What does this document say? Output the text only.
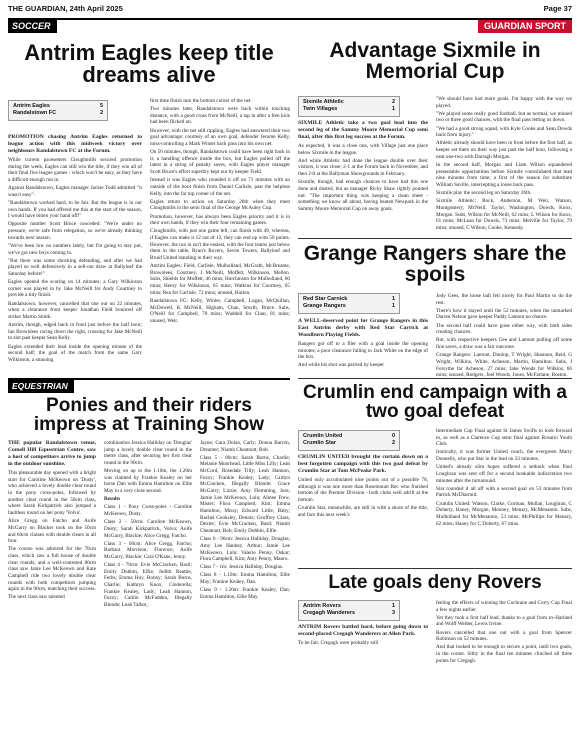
THE GUARDIAN, 24th April 2025	Page 37
SOCCER	GUARDIAN SPORT
Antrim Eagles keep title dreams alive
Antrim Eagles	5
Randalstown FC	2

PROMOTION chasing Antrim Eagles returned to league action with this midweek victory over neighbours Randalstown FC at the Forum.

While current pacesetters Cloughmills secured promotion during the week, Eagles can still win the title, if they win all of their final five league games - which won't be easy, as they have a difficult enough run in.

Against Randalstown, Eagles manager Jackie Todd admitted "it wasn't easy".

"Randalstown worked hard, to be fair. Bar the league is in our own hands. If you had offered me this at the start of the season, I would have bitten your hand off!"

Opposite number Scott Bruce conceded: "We're under no pressure, we're safe from relegation, so we're already thinking towards next season.

"We've been low on numbers lately, but I'm going to stay put, we've got new boys coming in.

"But there was some shocking defending, and after we had played so well defensively in a sell-out draw at Ballyloef the Saturday before!"

Eagles opened the scoring on 14 minutes; a Gary Wilkinson corner was played in by Jake McNeill for Andy Courtney to provide a tidy finish.

Randalstown, however, cancelled that one out on 22 minutes, when a clearance from keeper Jonathan Field bounced off striker Martin Smith.

Antrim, though, edged back in front just before the half hour; Ian Brownlees racing down the right, crossing for Jake McNeill to slot past keeper Sean Kelly.

Eagles extended their lead inside the opening minute of the second half; the goal of the match from the same Gary Wilkinson, a stunning

first time finish into the bottom corner of the net.

Two minutes later, Randalstown were back within touching distance, with a good cross from McNeill, a tap in after a free kick had been flicked on.

However, with the net still rippling, Eagles had answered their two goal advantage; courtesy of an own goal, defender Jerome Kelly, miss-controlling a Mark Winter back pass into his own net.

On 56 minutes, though, Randalstown could have been right back in it; a handling offence inside the box, but Eagles pulled off the latest in a string of penalty saves, with Eagles player manager Scott Bruce's effort superbly kept out by keeper Field.

Instead it was Eagles who rounded it off on 71 minutes with an outside of the boot finish from Daniel Carlisle, past the helpless Kelly, into the far top corner of the net.

Eagles return to action on Saturday 26th when they meet Cloughmills in the semi final of the George McAuley Cup.

Promotion, however, has always been Eagles priority and it is in their own hands, if they win their four remaining games.

Cloughmills, with just one game left, can finish with 49, whereas, if Eagles can make it 12 out of 12, they can end up with 50 points. However, the run in isn't the easiest, with the four teams just below them in the table, Ryan's Rovers, Seven Towers, Ballyloef and Bruid United standing in their way.

Antrim Eagles: Field, Carlisle, Mulholland, McGrath, McBreame, Brownlees, Courtney, J McNeill, Moffett, Wilkinson, Mellon. Subs, Shields for Moffett, 46 mins; Hutchinson for Mulholland, 60 mins; Henry for Wilkinson, 65 mins; Watkins for Courtney, 65 mins; Rea for Carlisle, 72 mins; unused, Harkin.

Randalstown FC: Kelly, Winter, Campbell, Logan, McQuillan, McDowell, K McNeill, Higham, Chan, Smyth, Bruce. Subs, O'Neill for Campbell, 70 mins; Waddell for Chan, 81 mins; unused, Weir.

Advantage Sixmile in Memorial Cup
Sixmile Athletic	2
Twin Villages	1

SIXMILE Athletic take a two goal lead into the second leg of the Sammy Moore Memorial Cup semi final, after this first leg success at the Forum.

As expected, it was a close one, with Village just one place below Sixmile in the league.

And while Athletic had done the league double over their visitors, it was close; 2-1 at the Forum back in November, and then 2-0 at the Ballyman Showgrounds in February.

Sixmile, though, had enough chances to have had this one done and dusted, but as manager Ricky Shaw rightly pointed out: "The important thing was keeping a clean sheet - something we know all about, having beaten Newpark in the Sammy Moore Memorial Cup on away goals.

"We should have had more goals. I'm happy with the way we played.

"We played some really good football, but as normal, we missed two or three good chances, with the final pass letting us down.

"We had a good strong squad, with Kyle Cooke and Sean Dowds back from injury."

Athletic already should have been in front before the first half, as keeper set them on their way just past the half hour, following a neat one-two with Darragh Morgan.

In the second half, Morgan and Liam Wilson squandered presentable opportunities before Sixmile consolidated that lead nine minutes from time; a first of the season for substitute William Saville, intercepting a loose back pass.

Sixmile play the second leg on Saturday 26th.

Sixmile Athletic: Rock, Anderson, M Weir, Watson, Montgomery, McNeill, Taylor, Washington, Dowds, Knox, Morgan. Subs, Wilson for McNeill, 62 mins; L Wilson for Knox, 61 mins; McLean for Dowds, 73 mins; Melville for Taylor, 79 mins; unused, C Wilson, Cooke, Kennedy.

Grange Rangers share the spoils
Red Star Carnick	1
Grange Rangers	1

A WELL-deserved point for Grange Rangers in this East Antrim derby with Red Star Carrick at Woodburn Playing Fields.

Rangers got off to a flier with a goal inside the opening minutes; a poor clearance falling to Jack White on the edge of the box.

And while his shot was parried by keeper

Jody Gees, the loose ball fell nicely for Paul Martin to do the rest.

There's how it stayed until the 52 minutes, when the unmarked Darren Nelson gave keeper Paddy Lamont no chance.

The second half could have gone either way, with both sides creating chances.

But, with respective keepers Gee and Lamont pulling off some fine saves, a draw was a fair outcome.

Grange Rangers: Lamont, Dunlop, T Wright, Shannon, Reid, G Wright, Wilkins, White, Acheson, Martin, Hamilton. Subs, J Forsythe for Acheson, 27 mins; Jake Woods for Wilkins, 66 mins; unused, Rodgers, Joel Woods, Jones, McFarlane, Boston.

EQUESTRIAN
Ponies and their riders impress at Training Show

THE popular Randalstown venue, Comell Hill Equestrian Centre, saw a host of competitors arrive to jump in the outdoor sunshine.

This pleasurable day opened with a bright start for Caroline McKeown on 'Dusty', who achieved a lovely double clear round in the pony cross-poles, followed by another clear round in the 50cm class, where Sarah Kirkpatrick also jumped a faultless round on her pony 'Volvo'.

Alice Gregg on Fatcho and Aoife McGarry on Blacker took on the 50cm and 60cm classes with double clears in all four.

The course was admired for the 70cm class, which saw a full house of double clear rounds, and a well-contested 80cm class saw Janie Lee McKeown and Kate Campbell ride two lovely double clear rounds with both competitors jumping again in the 90cm, matching their success.

The next class saw talented

combination Jessica Halliday on 'Douglas' jump a lovely double clear round in the metre class, after securing her first clear round in the 90cm.

Moving on up to the 1.10m, the 1.20m was claimed by Frankie Kealey on her horse Dan with Emma Hamilton on Ellie May in a very close second.

Results

Class 1 - Pony Cross-poles - Caroline McKeown, Dusty.

Class 2 - 50cm: Caroline McKeown, Dusty; Sarah Kirkpatrick, Volvo; Aoife McGarry, Blackie; Alice Gregg, Fatcho.

Class 3 - 60cm: Alice Gregg, Fatcho; Barbara Morrison, Florence; Aoife McGarry, Blackie; Cara O'Kane, Jenny.

Class 4 - 70cm: Evie McCracken, Basil; Emily Dobbin, Elfie; Judith Beattie, Ferbs; Emma Hoy, Bonny; Sarah Burns, Charlie; Kathryn Knox, Cinderella; Frankie Kealey, Lady; Leah Hannon, Fuzzy; Caitlin McFadden, Illegally Blonde; Leah Talbot,

Jayne; Cara Dolan, Carly; Donna Barron, Dreamer; Niamh Cheatnutt, Bob.

Class 5 - 80cm: Sarah Burns, Charlie; Melanie Moorhead, Little Miss Lilly; Leah McCord, Rosedale Tilly; Leah Hannon, Fuzzy; Frankie Kealey, Lady; Caitlyn McCracken, Illegally Blonde; Grace McGarry, Lizzie; Amy Flemming, Joss; Jamie Lee McKeown, Lulu; Aimee Frew, Mister; Flora Campbell, Kim; Emma Hamilton, Missy; Edward Little, Baby; Rachel Cooksley, Dennis; Geoffrey Glass, Dexter; Evie McCracken, Basil; Niamh Cheatnutt, Bob; Emily Dobbin, Elfie.

Class 6 - 90cm: Jessica Halliday, Douglas; Amy Lee Hanbey, Arthur; Jamie Lee McKeown, Lulu; Valerie Penny, Oskar; Flora Campbell, Kim; Amy Penny, Mauro.

Class 7 - 1m: Jessica Halliday, Douglas.

Class 8 - 1.10m: Emma Hamilton, Ellie May; Frankie Kealey, Dan.

Class 9 - 1.20m: Frankie Kealey, Dan; Emma Hamilton, Ellie May.

Crumlin end campaign with a two goal defeat
Crumlin United	0
Crumlin Star	2

CRUMLIN UNITED brought the curtain down on a best forgotten campaign with this two goal defeat by Crumlin Star at Tom McPeake Park.

United only accumulated nine points out of a possible 78, although it was one more than Rosemount Rec who finished bottom of the Premier Division - both clubs well adrift at the bottom.

Crumlin Star, meanwhile, are still in with a shout of the title, and face this next week's

Intermediate Cup Final against St James Swifts to look forward to, as well as a Clarence Cup semi final against Rosario Youth Club.

Ironically, it was former United coach, the evergreen Marty Donnelly, who put Star in the lead on 33 minutes.

United's already slim hopes suffered a setback when Paul Loughran was sent off for a second bookable indiscretion two minutes after the turnaround.

Star rounded it all off with a second goal on 53 minutes from Patrick McDiarmid.

Crumlin United: Watson, Clarke, Gorman, Mullan, Loughran, C Doherty, Haney, Morgan, Mooney, Menary, McMenamin. Subs, Mulholland for McMenamin, 53 mins; McPhillips for Menary, 62 mins; Haney for C Doherty, 67 mins.

Late goals deny Rovers
Antrim Rovers	1
Cregagh Wanderers	3

ANTRIM Rovers battled hard, before going down to second-placed Cregagh Wanderers at Allen Park.

To be fair, Cregagh were probably still

feeling the effects of winning the Cochrane and Corry Cup Final a few nights earlier.

Yet they took a first half lead, thanks to a goal from ex-Harland and Wolff Welder, Lewis Irvine.

Rovers cancelled that one out with a goal from Spencer Robinson on 52 minutes.

And that looked to be enough to secure a point, until two goals, in the corner. Sitby in the final ten minutes clinched all three points for Cregagh.
